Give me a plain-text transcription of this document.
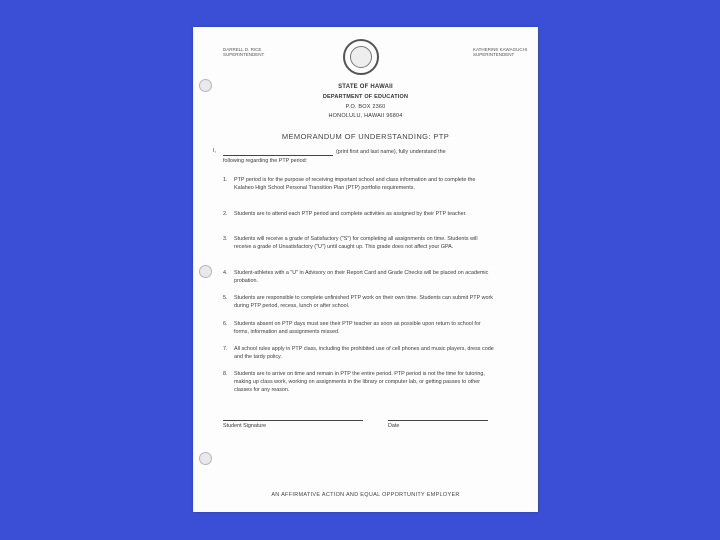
DARRELL D. RICE
SUPERINTENDENT
KATHERINE KAWAGUCHI
SUPERINTENDENT
STATE OF HAWAII
DEPARTMENT OF EDUCATION
P.O. BOX 2360
HONOLULU, HAWAII 96804
MEMORANDUM OF UNDERSTANDING: PTP
I,	(print first and last name), fully understand the
following regarding the PTP period:
1. PTP period is for the purpose of receiving important school and class information and to complete the Kalaheo High School Personal Transition Plan (PTP) portfolio requirements.
2. Students are to attend each PTP period and complete activities as assigned by their PTP teacher.
3. Students will receive a grade of Satisfactory ("S") for completing all assignments on time. Students will receive a grade of Unsatisfactory ("U") until caught up. This grade does not affect your GPA.
4. Student-athletes with a "U" in Advisory on their Report Card and Grade Checks will be placed on academic probation.
5. Students are responsible to complete unfinished PTP work on their own time. Students can submit PTP work during PTP period, recess, lunch or after school.
6. Students absent on PTP days must see their PTP teacher as soon as possible upon return to school for forms, information and assignments missed.
7. All school rules apply in PTP class, including the prohibited use of cell phones and music players, dress code and the tardy policy.
8. Students are to arrive on time and remain in PTP the entire period. PTP period is not the time for tutoring, making up class work, working on assignments in the library or computer lab, or getting passes to other classes for any reason.
Student Signature	Date
AN AFFIRMATIVE ACTION AND EQUAL OPPORTUNITY EMPLOYER
